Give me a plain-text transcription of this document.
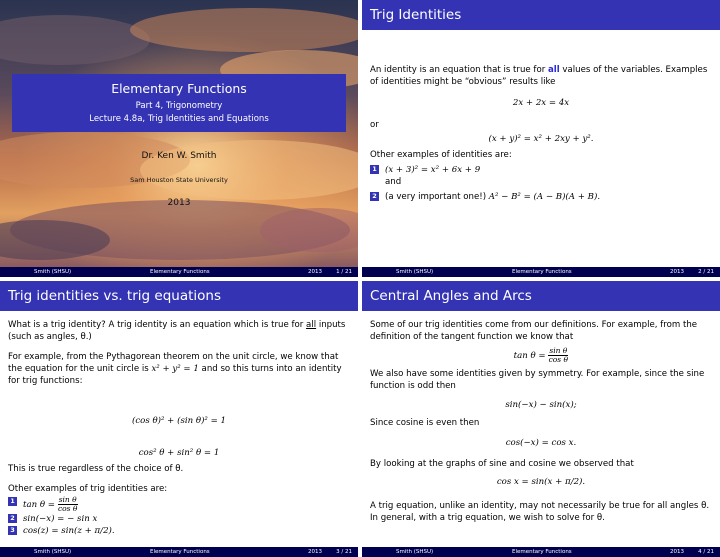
Elementary Functions
Part 4, Trigonometry
Lecture 4.8a, Trig Identities and Equations
Dr. Ken W. Smith
Sam Houston State University
2013
Smith (SHSU)	Elementary Functions	2013	1 / 21
Trig Identities

An identity is an equation that is true for all values of the variables. Examples of identities might be “obvious” results like

2x + 2x = 4x

or

(x + y)² = x² + 2xy + y².

Other examples of identities are:

1 (x + 3)² = x² + 6x + 9

and

2 (a very important one!) A² − B² = (A − B)(A + B).
Smith (SHSU)	Elementary Functions	2013	2 / 21
Trig identities vs. trig equations

What is a trig identity? A trig identity is an equation which is true for all inputs (such as angles, θ.)

For example, from the Pythagorean theorem on the unit circle, we know that the equation for the unit circle is x² + y² = 1 and so this turns into an identity for trig functions:

(cos θ)² + (sin θ)² = 1
cos² θ + sin² θ = 1

This is true regardless of the choice of θ.

Other examples of trig identities are:

1 $\tan \theta = \frac{\text{sin θ}}{\text{cos θ}}$
2 sin(−x) = − sin x
3 cos(z) = sin(z + π/2).
Smith (SHSU)	Elementary Functions	2013	3 / 21
Central Angles and Arcs

Some of our trig identities come from our definitions. For example, from the definition of the tangent function we know that

$\tan \theta = \frac{\text{sin θ}}{\text{cos θ}}$

We also have some identities given by symmetry. For example, since the sine function is odd then

sin(−x) − sin(x);

Since cosine is even then

cos(−x) = cos x.

By looking at the graphs of sine and cosine we observed that

cos x = sin(x + π/2).

A trig equation, unlike an identity, may not necessarily be true for all angles θ. In general, with a trig equation, we wish to solve for θ.

Smith (SHSU)	Elementary Functions	2013	4 / 21
